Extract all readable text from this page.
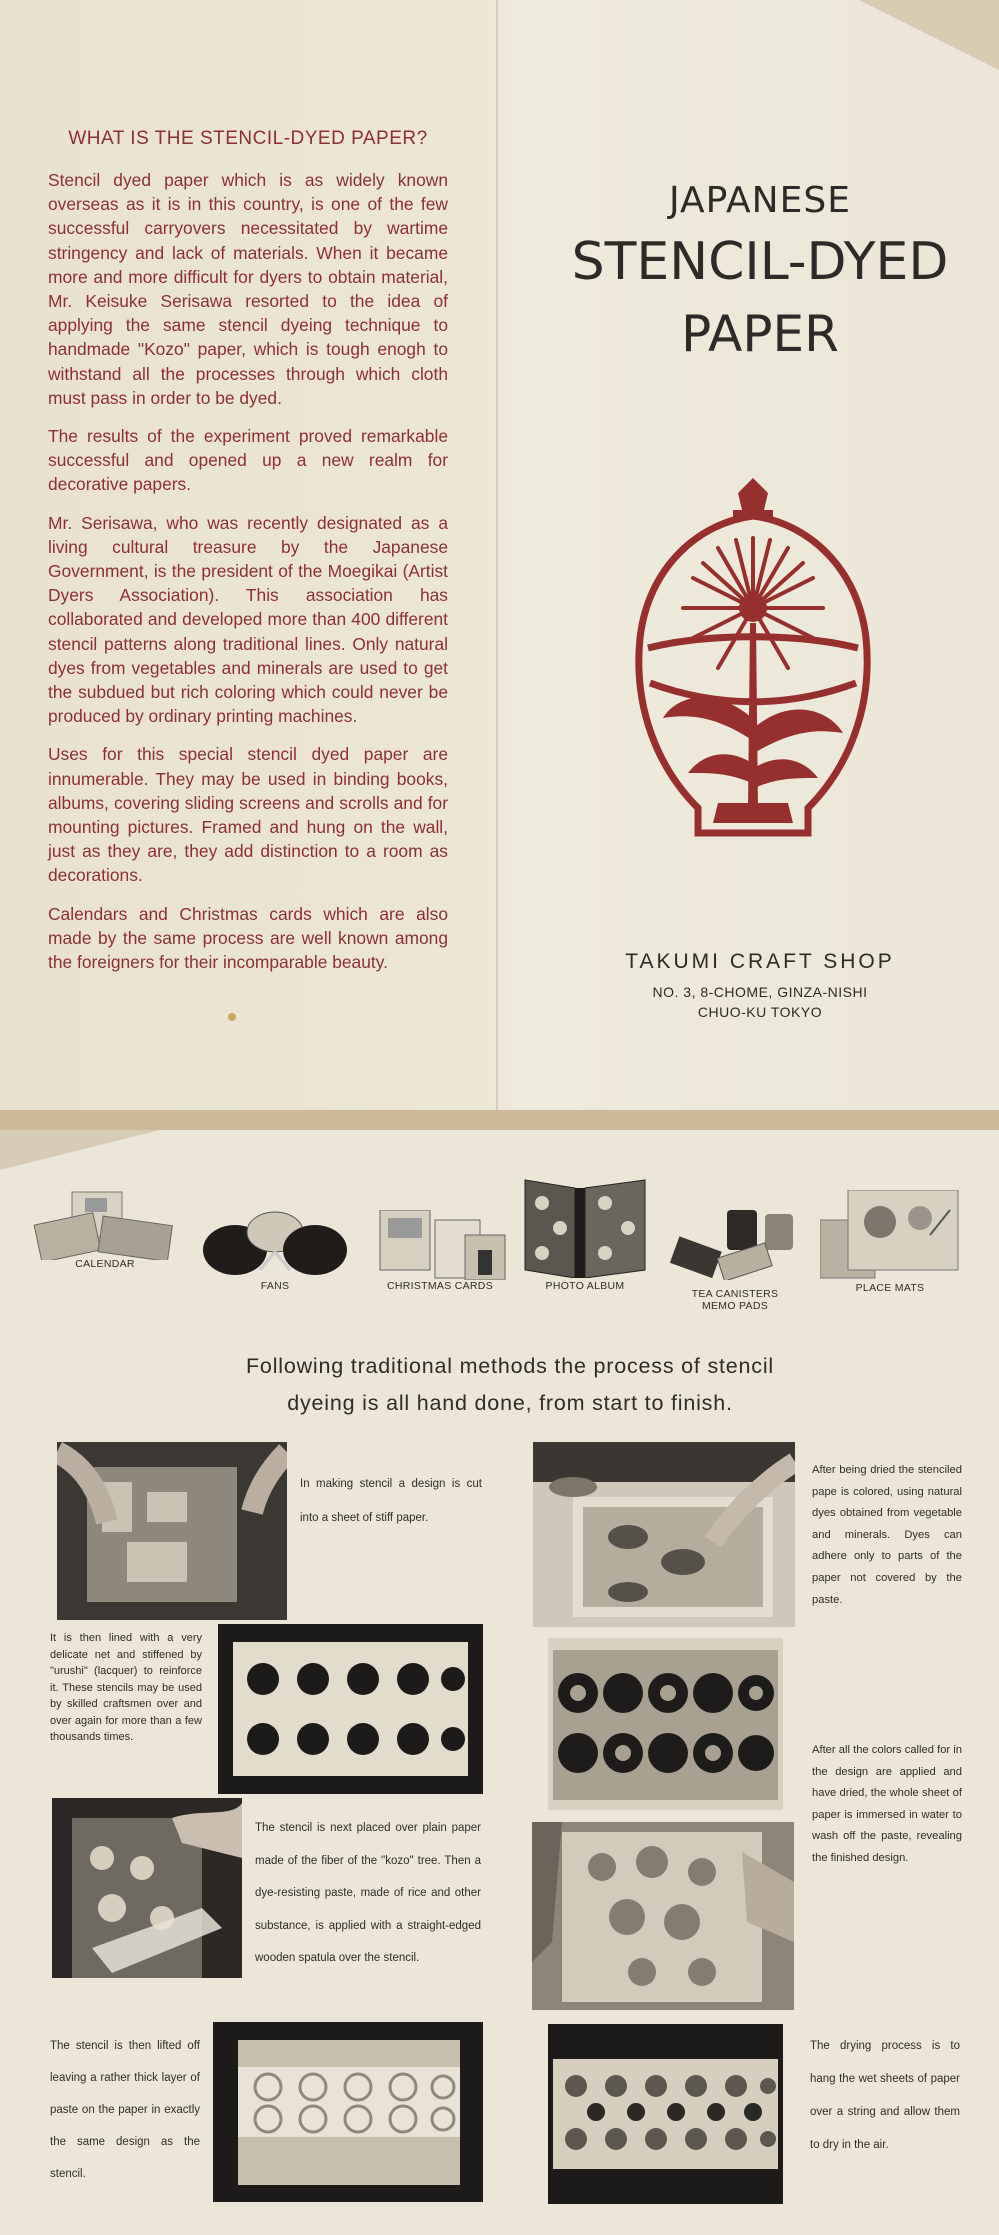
WHAT IS THE STENCIL-DYED PAPER?

Stencil dyed paper which is as widely known overseas as it is in this country, is one of the few successful carryovers necessitated by wartime stringency and lack of materials. When it became more and more difficult for dyers to obtain material, Mr. Keisuke Serisawa resorted to the idea of applying the same stencil dyeing technique to handmade "Kozo" paper, which is tough enogh to withstand all the processes through which cloth must pass in order to be dyed.

The results of the experiment proved remarkable successful and opened up a new realm for decorative papers.

Mr. Serisawa, who was recently designated as a living cultural treasure by the Japanese Government, is the president of the Moegikai (Artist Dyers Association). This association has collaborated and developed more than 400 different stencil patterns along traditional lines. Only natural dyes from vegetables and minerals are used to get the subdued but rich coloring which could never be produced by ordinary printing machines.

Uses for this special stencil dyed paper are innumerable. They may be used in binding books, albums, covering sliding screens and scrolls and for mounting pictures. Framed and hung on the wall, just as they are, they add distinction to a room as decorations.

Calendars and Christmas cards which are also made by the same process are well known among the foreigners for their incomparable beauty.

JAPANESE
STENCIL-DYED
PAPER
TAKUMI CRAFT SHOP
NO. 3, 8-CHOME, GINZA-NISHI
CHUO-KU TOKYO
CALENDAR
FANS	CHRISTMAS CARDS	PHOTO ALBUM
TEA CANISTERS
MEMO PADS
PLACE MATS
Following traditional methods the process of stencil
dyeing is all hand done, from start to finish.
In making stencil a design is cut into a sheet of stiff paper.
It is then lined with a very delicate net and stiffened by "urushi" (lacquer) to reinforce it. These stencils may be used by skilled craftsmen over and over again for more than a few thousands times.
The stencil is next placed over plain paper made of the fiber of the "kozo" tree. Then a dye-resisting paste, made of rice and other substance, is applied with a straight-edged wooden spatula over the stencil.
The stencil is then lifted off leaving a rather thick layer of paste on the paper in exactly the same design as the stencil.
After being dried the stenciled pape is colored, using natural dyes obtained from vegetable and minerals. Dyes can adhere only to parts of the paper not covered by the paste.
After all the colors called for in the design are applied and have dried, the whole sheet of paper is immersed in water to wash off the paste, revealing the finished design.
The drying process is to hang the wet sheets of paper over a string and allow them to dry in the air.
